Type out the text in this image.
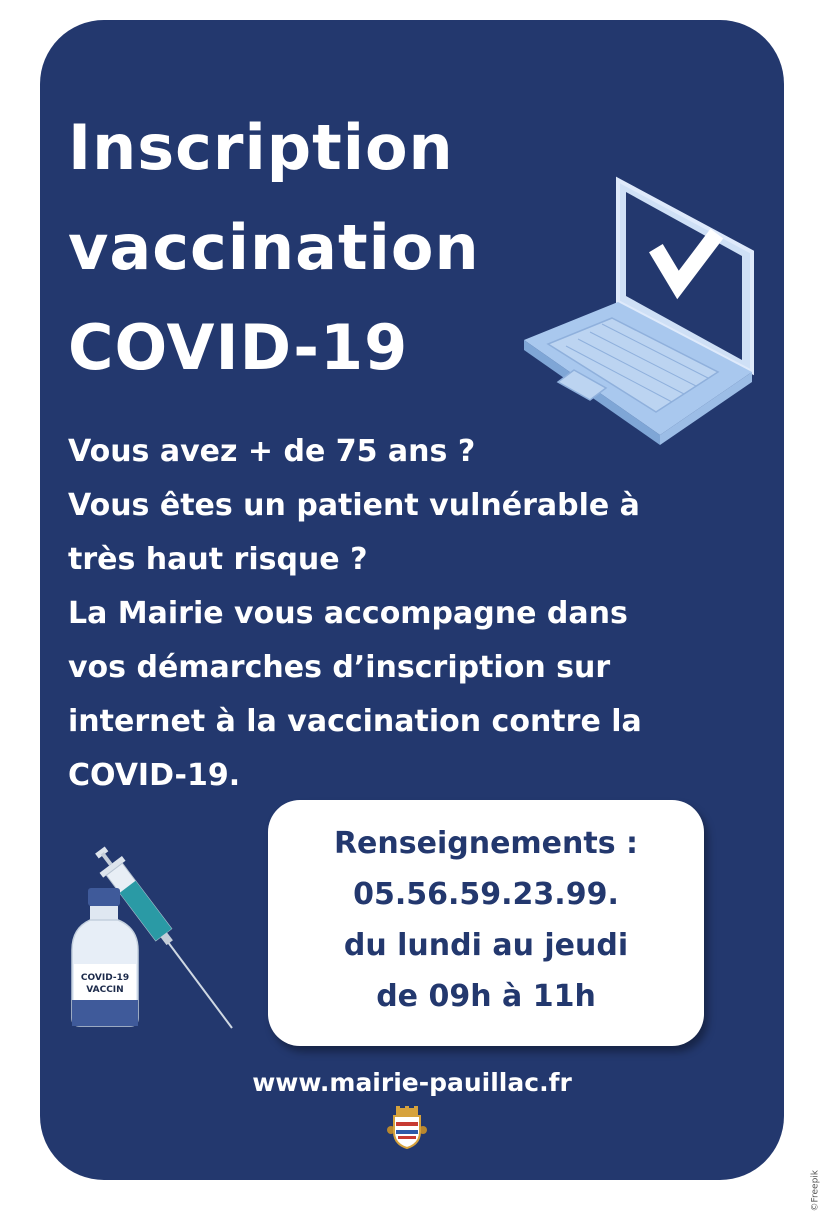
Inscription
vaccination
COVID-19
Vous avez + de 75 ans ?
Vous êtes un patient vulnérable à
très haut risque ?
La Mairie vous accompagne dans
vos démarches d’inscription sur
internet à la vaccination contre la
COVID-19.
COVID-19
VACCIN
Renseignements :
05.56.59.23.99.
du lundi au jeudi
de 09h à 11h
www.mairie-pauillac.fr
©Freepik
